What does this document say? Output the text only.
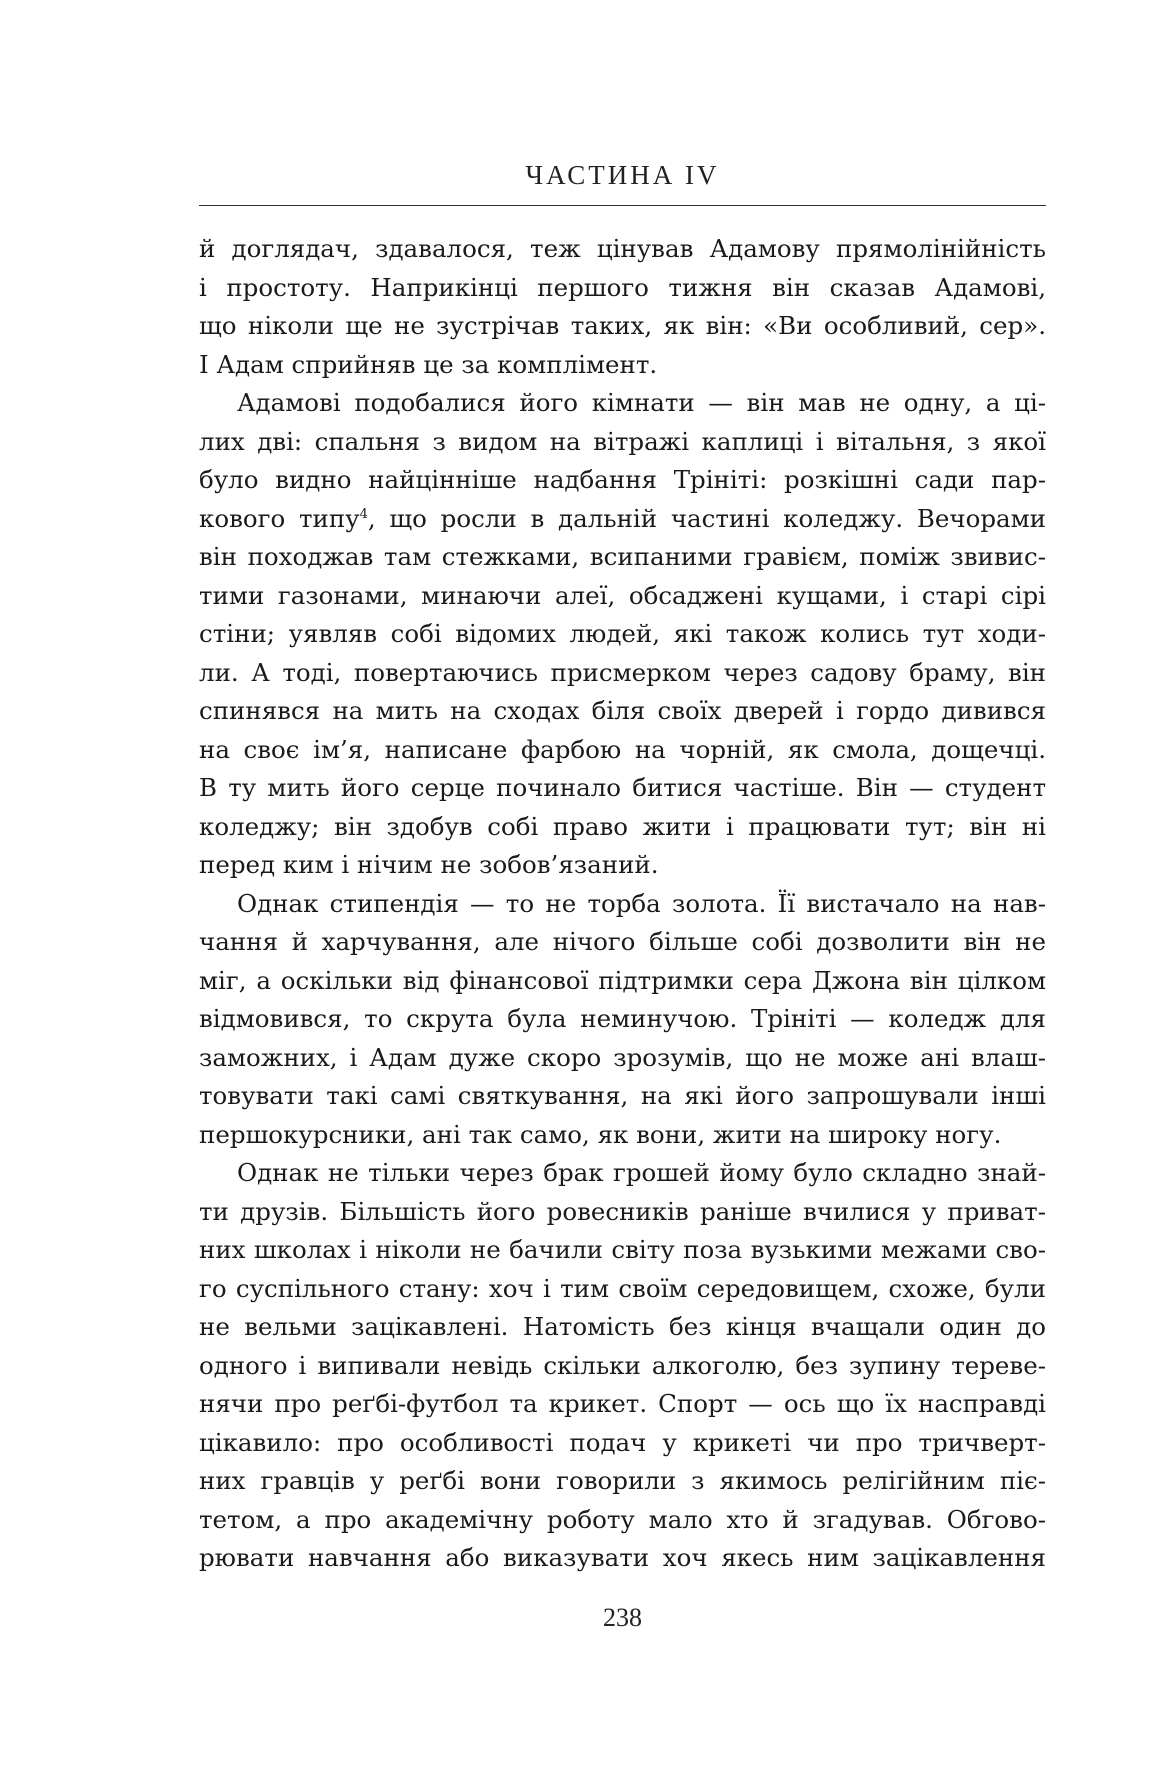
ЧАСТИНА IV
й доглядач, здавалося, теж цінував Адамову прямолінійність
і простоту. Наприкінці першого тижня він сказав Адамові,
що ніколи ще не зустрічав таких, як він: «Ви особливий, сер».
І Адам сприйняв це за комплімент.
Адамові подобалися його кімнати — він мав не одну, а ці-
лих дві: спальня з видом на вітражі каплиці і вітальня, з якої
було видно найцінніше надбання Трініті: розкішні сади пар-
кового типу$^4$, що росли в дальній частині коледжу. Вечорами
він походжав там стежками, всипаними гравієм, поміж звивис-
тими газонами, минаючи алеї, обсаджені кущами, і старі сірі
стіни; уявляв собі відомих людей, які також колись тут ходи-
ли. А тоді, повертаючись присмерком через садову браму, він
спинявся на мить на сходах біля своїх дверей і гордо дивився
на своє ім’я, написане фарбою на чорній, як смола, дощечці.
В ту мить його серце починало битися частіше. Він — студент
коледжу; він здобув собі право жити і працювати тут; він ні
перед ким і нічим не зобов’язаний.
Однак стипендія — то не торба золота. Її вистачало на нав-
чання й харчування, але нічого більше собі дозволити він не
міг, а оскільки від фінансової підтримки сера Джона він цілком
відмовився, то скрута була неминучою. Трініті — коледж для
заможних, і Адам дуже скоро зрозумів, що не може ані влаш-
товувати такі самі святкування, на які його запрошували інші
першокурсники, ані так само, як вони, жити на широку ногу.
Однак не тільки через брак грошей йому було складно знай-
ти друзів. Більшість його ровесників раніше вчилися у приват-
них школах і ніколи не бачили світу поза вузькими межами сво-
го суспільного стану: хоч і тим своїм середовищем, схоже, були
не вельми зацікавлені. Натомість без кінця вчащали один до
одного і випивали невідь скільки алкоголю, без зупину тереве-
нячи про реґбі-футбол та крикет. Спорт — ось що їх насправді
цікавило: про особливості подач у крикеті чи про тричверт-
них гравців у реґбі вони говорили з якимось релігійним піє-
тетом, а про академічну роботу мало хто й згадував. Обгово-
рювати навчання або виказувати хоч якесь ним зацікавлення
238
